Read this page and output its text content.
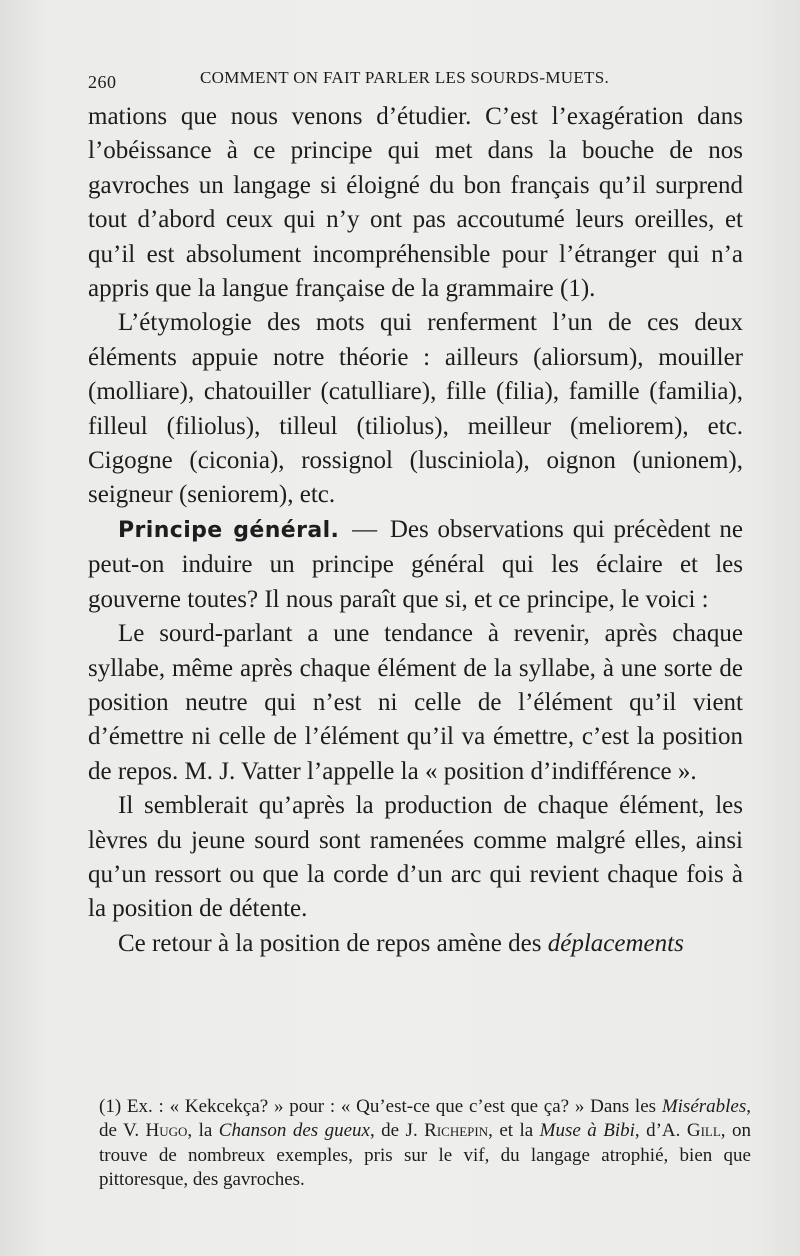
260	COMMENT ON FAIT PARLER LES SOURDS-MUETS.

mations que nous venons d’étudier. C’est l’exagération dans l’obéissance à ce principe qui met dans la bouche de nos gavroches un langage si éloigné du bon français qu’il surprend tout d’abord ceux qui n’y ont pas accoutumé leurs oreilles, et qu’il est absolument incompréhensible pour l’étranger qui n’a appris que la langue française de la grammaire (1).

L’étymologie des mots qui renferment l’un de ces deux éléments appuie notre théorie : ailleurs (aliorsum), mouiller (molliare), chatouiller (catulliare), fille (filia), famille (familia), filleul (filiolus), tilleul (tiliolus), meilleur (meliorem), etc. Cigogne (ciconia), rossignol (lusciniola), oignon (unionem), seigneur (seniorem), etc.

Principe général. — Des observations qui précèdent ne peut-on induire un principe général qui les éclaire et les gouverne toutes? Il nous paraît que si, et ce principe, le voici :

Le sourd-parlant a une tendance à revenir, après chaque syllabe, même après chaque élément de la syllabe, à une sorte de position neutre qui n’est ni celle de l’élément qu’il vient d’émettre ni celle de l’élément qu’il va émettre, c’est la position de repos. M. J. Vatter l’appelle la « position d’indifférence ».

Il semblerait qu’après la production de chaque élément, les lèvres du jeune sourd sont ramenées comme malgré elles, ainsi qu’un ressort ou que la corde d’un arc qui revient chaque fois à la position de détente.

Ce retour à la position de repos amène des déplacements

(1) Ex. : « Kekcekça? » pour : « Qu’est-ce que c’est que ça? » Dans les Misérables, de V. Hugo, la Chanson des gueux, de J. Richepin, et la Muse à Bibi, d’A. Gill, on trouve de nombreux exemples, pris sur le vif, du langage atrophié, bien que pittoresque, des gavroches.
